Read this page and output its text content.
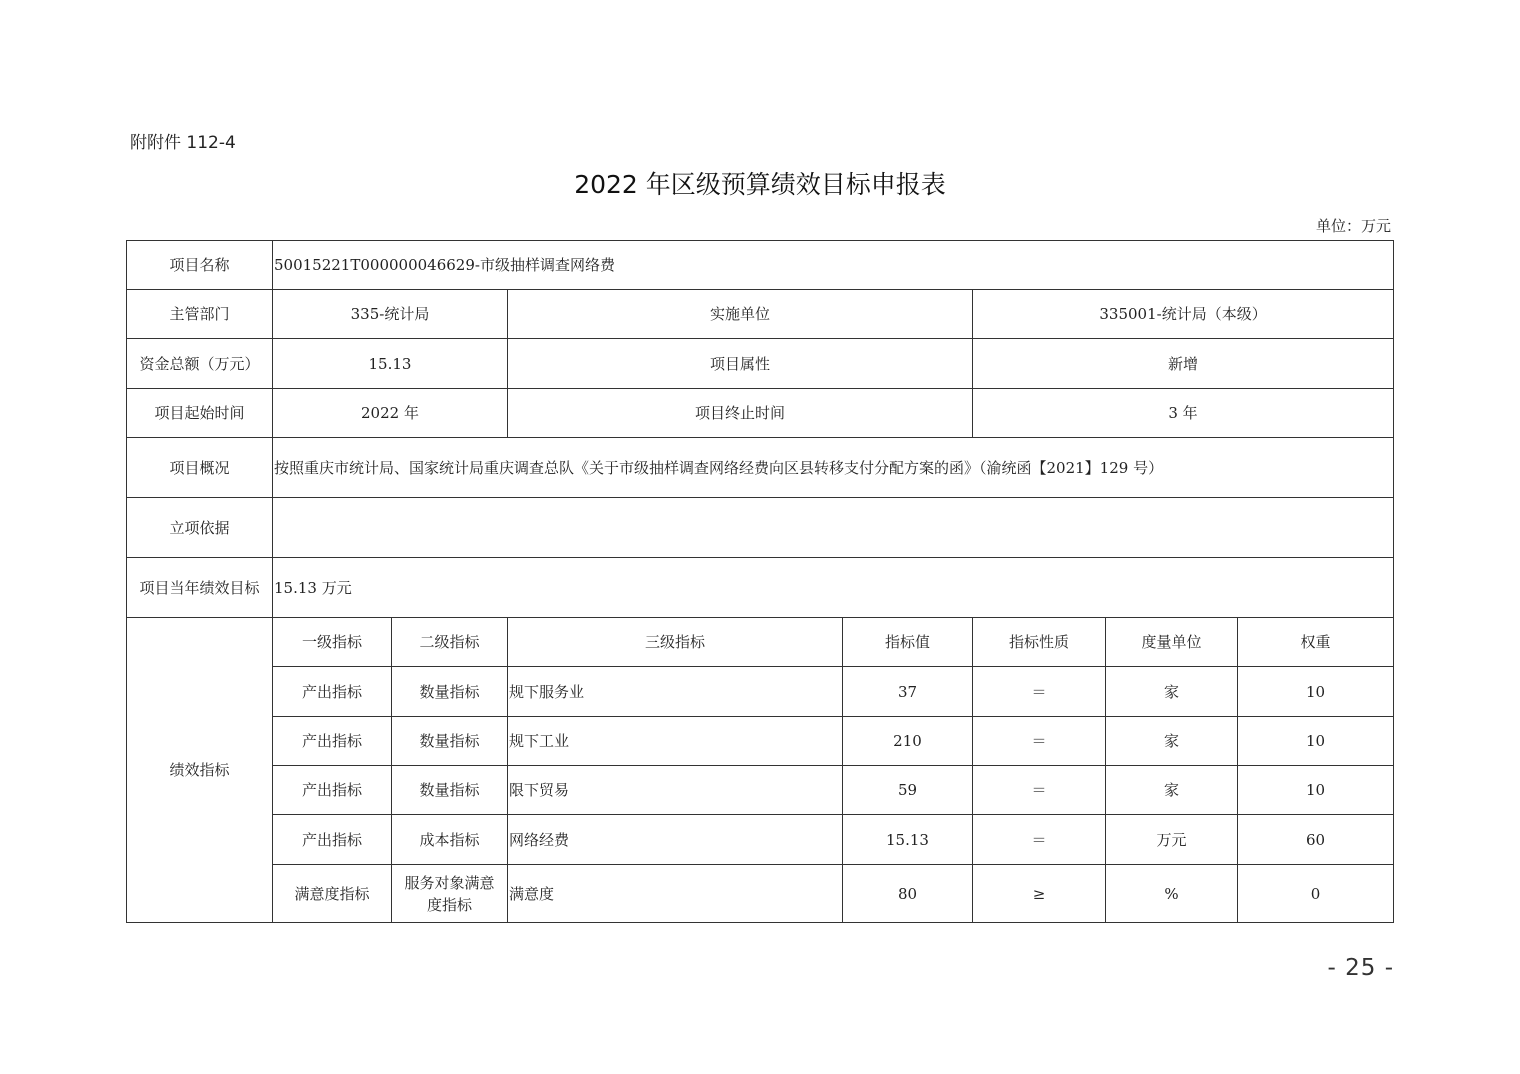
附附件 112-4
2022 年区级预算绩效目标申报表
单位：万元
项目名称	50015221T000000046629-市级抽样调查网络费						
主管部门	335-统计局		实施单位		335001-统计局（本级）		
资金总额（万元）	15.13		项目属性		新增		
项目起始时间	2022 年		项目终止时间		3 年		
项目概况	按照重庆市统计局、国家统计局重庆调查总队《关于市级抽样调查网络经费向区县转移支付分配方案的函》（渝统函【2021】129 号）						
立项依据							
项目当年绩效目标	15.13 万元						
绩效指标	一级指标	二级指标	三级指标	指标值	指标性质	度量单位	权重
	产出指标	数量指标	规下服务业	37	＝	家	10
	产出指标	数量指标	规下工业	210	＝	家	10
	产出指标	数量指标	限下贸易	59	＝	家	10
	产出指标	成本指标	网络经费	15.13	＝	万元	60
	满意度指标	服务对象满意度指标	满意度	80	≥	%	0
- 25 -
